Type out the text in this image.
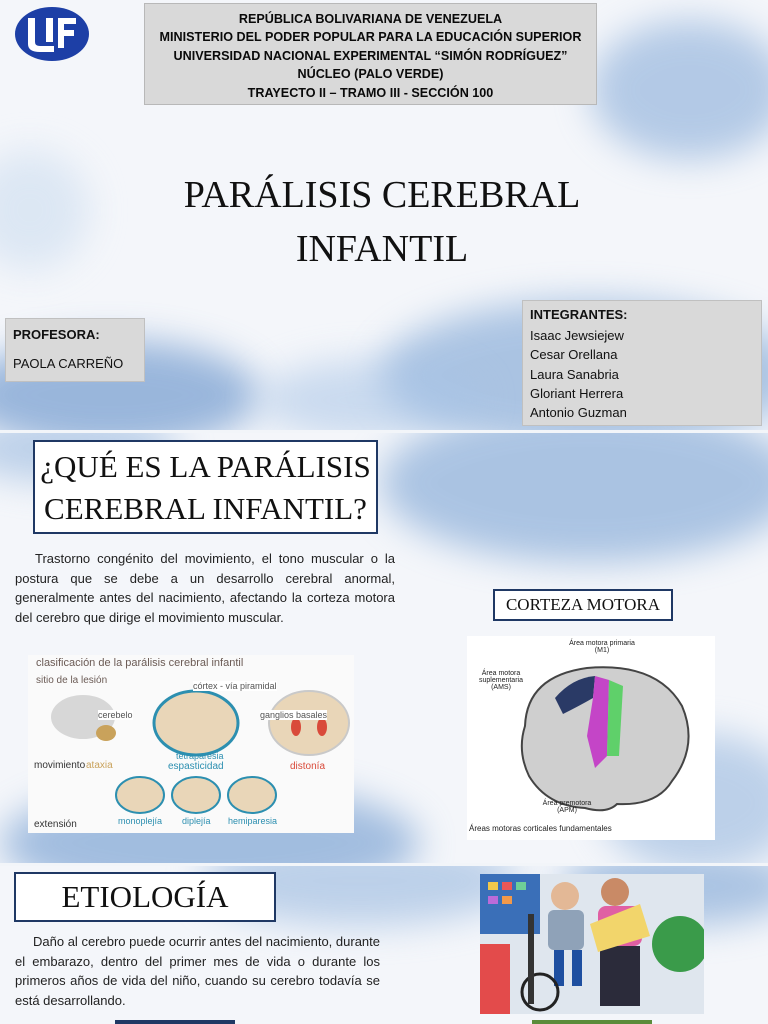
REPÚBLICA BOLIVARIANA DE VENEZUELA
MINISTERIO DEL PODER POPULAR PARA LA EDUCACIÓN SUPERIOR
UNIVERSIDAD NACIONAL EXPERIMENTAL “SIMÓN RODRÍGUEZ”
NÚCLEO (PALO VERDE)
TRAYECTO II – TRAMO III - SECCIÓN 100
PARÁLISIS CEREBRAL
INFANTIL
PROFESORA:
PAOLA CARREÑO
INTEGRANTES:
Isaac Jewsiejew
Cesar Orellana
Laura Sanabria
Gloriant Herrera
Antonio Guzman
¿QUÉ ES LA PARÁLISIS CEREBRAL INFANTIL?
Trastorno congénito del movimiento, el tono muscular o la postura que se debe a un desarrollo cerebral anormal, generalmente antes del nacimiento, afectando la corteza motora del cerebro que dirige el movimiento muscular.
CORTEZA MOTORA
clasificación de la parálisis cerebral infantil
sitio de la lesión
cerebelo
córtex - vía piramidal
ganglios basales
movimiento ataxia
tetraparesia
espasticidad	distonía
monoplejía diplejía hemiparesia
extensión
Área motora primaria (M1)
Área motora suplementaria (AMS)
Área premotora (APM)
Áreas motoras corticales fundamentales
ETIOLOGÍA
Daño al cerebro puede ocurrir antes del nacimiento, durante el embarazo, dentro del primer mes de vida o durante los primeros años de vida del niño, cuando su cerebro todavía se está desarrollando.
